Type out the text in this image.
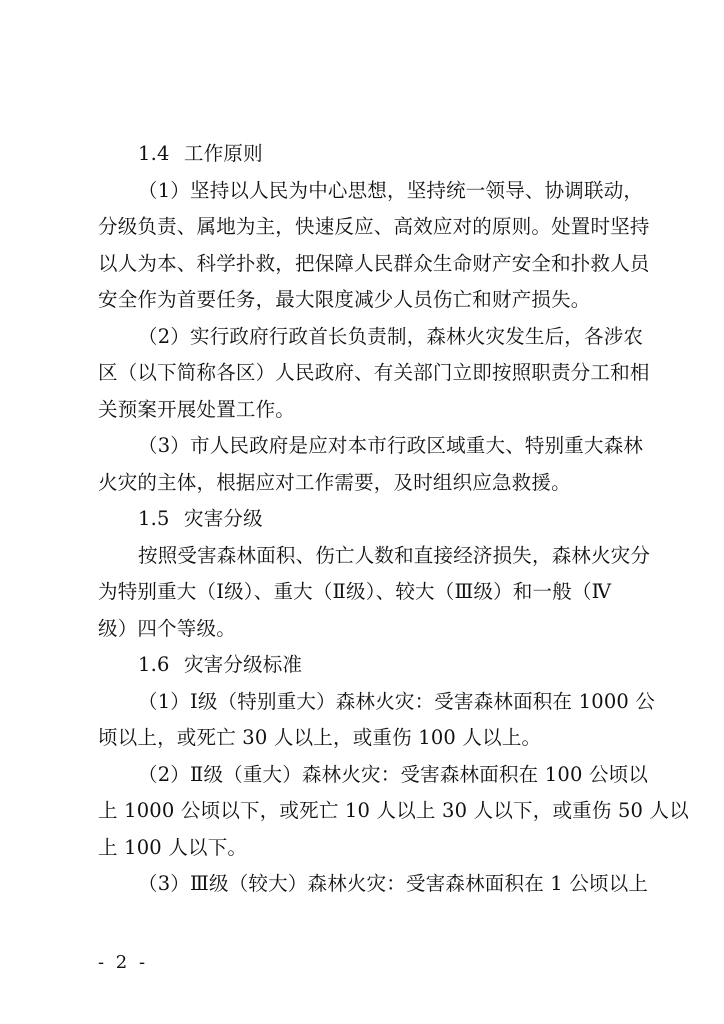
1.4 工作原则
（1）坚持以人民为中心思想，坚持统一领导、协调联动，
分级负责、属地为主，快速反应、高效应对的原则。处置时坚持
以人为本、科学扑救，把保障人民群众生命财产安全和扑救人员
安全作为首要任务，最大限度减少人员伤亡和财产损失。
（2）实行政府行政首长负责制，森林火灾发生后，各涉农
区（以下简称各区）人民政府、有关部门立即按照职责分工和相
关预案开展处置工作。
（3）市人民政府是应对本市行政区域重大、特别重大森林
火灾的主体，根据应对工作需要，及时组织应急救援。
1.5 灾害分级
按照受害森林面积、伤亡人数和直接经济损失，森林火灾分
为特别重大（Ⅰ级）、重大（Ⅱ级）、较大（Ⅲ级）和一般（Ⅳ
级）四个等级。
1.6 灾害分级标准
（1）Ⅰ级（特别重大）森林火灾：受害森林面积在 1000 公
顷以上，或死亡 30 人以上，或重伤 100 人以上。
（2）Ⅱ级（重大）森林火灾：受害森林面积在 100 公顷以
上 1000 公顷以下，或死亡 10 人以上 30 人以下，或重伤 50 人以
上 100 人以下。
（3）Ⅲ级（较大）森林火灾：受害森林面积在 1 公顷以上
- 2 -
